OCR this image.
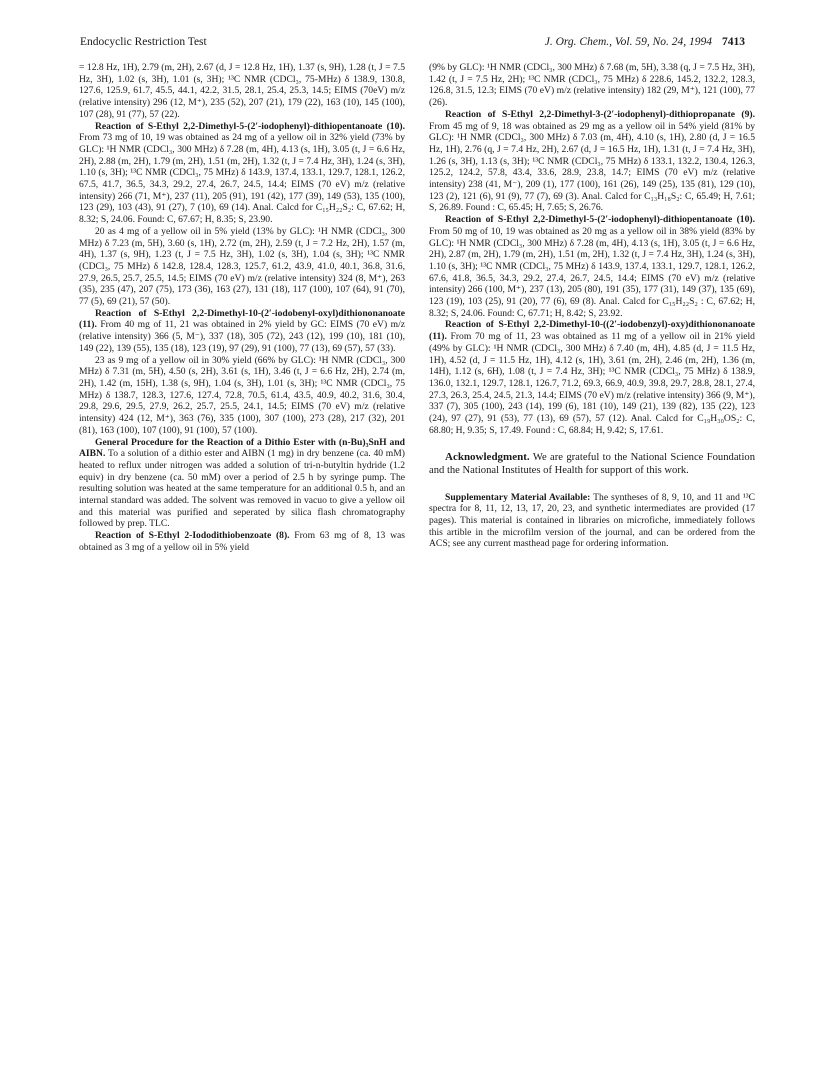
Endocyclic Restriction Test	J. Org. Chem., Vol. 59, No. 24, 1994 7413

= 12.8 Hz, 1H), 2.79 (m, 2H), 2.67 (d, J = 12.8 Hz, 1H), 1.37 (s, 9H), 1.28 (t, J = 7.5 Hz, 3H), 1.02 (s, 3H), 1.01 (s, 3H); ¹³C NMR (CDCl₃, 75-MHz) δ 138.9, 130.8, 127.6, 125.9, 61.7, 45.5, 44.1, 42.2, 31.5, 28.1, 25.4, 25.3, 14.5; EIMS (70eV) m/z (relative intensity) 296 (12, M⁺), 235 (52), 207 (21), 179 (22), 163 (10), 145 (100), 107 (28), 91 (77), 57 (22).

Reaction of S-Ethyl 2,2-Dimethyl-5-(2′-iodophenyl)-dithiopentanoate (10). From 73 mg of 10, 19 was obtained as 24 mg of a yellow oil in 32% yield (73% by GLC): ¹H NMR (CDCl₃, 300 MHz) δ 7.28 (m, 4H), 4.13 (s, 1H), 3.05 (t, J = 6.6 Hz, 2H), 2.88 (m, 2H), 1.79 (m, 2H), 1.51 (m, 2H), 1.32 (t, J = 7.4 Hz, 3H), 1.24 (s, 3H), 1.10 (s, 3H); ¹³C NMR (CDCl₃, 75 MHz) δ 143.9, 137.4, 133.1, 129.7, 128.1, 126.2, 67.5, 41.7, 36.5, 34.3, 29.2, 27.4, 26.7, 24.5, 14.4; EIMS (70 eV) m/z (relative intensity) 266 (71, M⁺), 237 (11), 205 (91), 191 (42), 177 (39), 149 (53), 135 (100), 123 (29), 103 (43), 91 (27), 7 (10), 69 (14). Anal. Calcd for C₁₅H₂₂S₂: C, 67.62; H, 8.32; S, 24.06. Found: C, 67.67; H, 8.35; S, 23.90.

20 as 4 mg of a yellow oil in 5% yield (13% by GLC): ¹H NMR (CDCl₃, 300 MHz) δ 7.23 (m, 5H), 3.60 (s, 1H), 2.72 (m, 2H), 2.59 (t, J = 7.2 Hz, 2H), 1.57 (m, 4H), 1.37 (s, 9H), 1.23 (t, J = 7.5 Hz, 3H), 1.02 (s, 3H), 1.04 (s, 3H); ¹³C NMR (CDCl₃, 75 MHz) δ 142.8, 128.4, 128.3, 125.7, 61.2, 43.9, 41.0, 40.1, 36.8, 31.6, 27.9, 26.5, 25.7, 25.5, 14.5; EIMS (70 eV) m/z (relative intensity) 324 (8, M⁺), 263 (35), 235 (47), 207 (75), 173 (36), 163 (27), 131 (18), 117 (100), 107 (64), 91 (70), 77 (5), 69 (21), 57 (50).

Reaction of S-Ethyl 2,2-Dimethyl-10-(2′-iodobenyl-oxyl)dithiononanoate (11). From 40 mg of 11, 21 was obtained in 2% yield by GC: EIMS (70 eV) m/z (relative intensity) 366 (5, M⁻), 337 (18), 305 (72), 243 (12), 199 (10), 181 (10), 149 (22), 139 (55), 135 (18), 123 (19), 97 (29), 91 (100), 77 (13), 69 (57), 57 (33).

23 as 9 mg of a yellow oil in 30% yield (66% by GLC): ¹H NMR (CDCl₃, 300 MHz) δ 7.31 (m, 5H), 4.50 (s, 2H), 3.61 (s, 1H), 3.46 (t, J = 6.6 Hz, 2H), 2.74 (m, 2H), 1.42 (m, 15H), 1.38 (s, 9H), 1.04 (s, 3H), 1.01 (s, 3H); ¹³C NMR (CDCl₃, 75 MHz) δ 138.7, 128.3, 127.6, 127.4, 72.8, 70.5, 61.4, 43.5, 40.9, 40.2, 31.6, 30.4, 29.8, 29.6, 29.5, 27.9, 26.2, 25.7, 25.5, 24.1, 14.5; EIMS (70 eV) m/z (relative intensity) 424 (12, M⁺), 363 (76), 335 (100), 307 (100), 273 (28), 217 (32), 201 (81), 163 (100), 107 (100), 91 (100), 57 (100).

General Procedure for the Reaction of a Dithio Ester with (n-Bu)₃SnH and AIBN. To a solution of a dithio ester and AIBN (1 mg) in dry benzene (ca. 40 mM) heated to reflux under nitrogen was added a solution of tri-n-butyltin hydride (1.2 equiv) in dry benzene (ca. 50 mM) over a period of 2.5 h by syringe pump. The resulting solution was heated at the same temperature for an additional 0.5 h, and an internal standard was added. The solvent was removed in vacuo to give a yellow oil and this material was purified and seperated by silica flash chromatography followed by prep. TLC.

Reaction of S-Ethyl 2-Iododithiobenzoate (8). From 63 mg of 8, 13 was obtained as 3 mg of a yellow oil in 5% yield

(9% by GLC): ¹H NMR (CDCl₃, 300 MHz) δ 7.68 (m, 5H), 3.38 (q, J = 7.5 Hz, 3H), 1.42 (t, J = 7.5 Hz, 2H); ¹³C NMR (CDCl₃, 75 MHz) δ 228.6, 145.2, 132.2, 128.3, 126.8, 31.5, 12.3; EIMS (70 eV) m/z (relative intensity) 182 (29, M⁺), 121 (100), 77 (26).

Reaction of S-Ethyl 2,2-Dimethyl-3-(2′-iodophenyl)-dithiopropanate (9). From 45 mg of 9, 18 was obtained as 29 mg as a yellow oil in 54% yield (81% by GLC): ¹H NMR (CDCl₃, 300 MHz) δ 7.03 (m, 4H), 4.10 (s, 1H), 2.80 (d, J = 16.5 Hz, 1H), 2.76 (q, J = 7.4 Hz, 2H), 2.67 (d, J = 16.5 Hz, 1H), 1.31 (t, J = 7.4 Hz, 3H), 1.26 (s, 3H), 1.13 (s, 3H); ¹³C NMR (CDCl₃, 75 MHz) δ 133.1, 132.2, 130.4, 126.3, 125.2, 124.2, 57.8, 43.4, 33.6, 28.9, 23.8, 14.7; EIMS (70 eV) m/z (relative intensity) 238 (41, M⁻), 209 (1), 177 (100), 161 (26), 149 (25), 135 (81), 129 (10), 123 (2), 121 (6), 91 (9), 77 (7), 69 (3). Anal. Calcd for C₁₃H₁₈S₂: C, 65.49; H, 7.61; S, 26.89. Found : C, 65.45; H, 7.65; S, 26.76.

Reaction of S-Ethyl 2,2-Dimethyl-5-(2′-iodophenyl)-dithiopentanoate (10). From 50 mg of 10, 19 was obtained as 20 mg as a yellow oil in 38% yield (83% by GLC): ¹H NMR (CDCl₃, 300 MHz) δ 7.28 (m, 4H), 4.13 (s, 1H), 3.05 (t, J = 6.6 Hz, 2H), 2.87 (m, 2H), 1.79 (m, 2H), 1.51 (m, 2H), 1.32 (t, J = 7.4 Hz, 3H), 1.24 (s, 3H), 1.10 (s, 3H); ¹³C NMR (CDCl₃, 75 MHz) δ 143.9, 137.4, 133.1, 129.7, 128.1, 126.2, 67.6, 41.8, 36.5, 34.3, 29.2, 27.4, 26.7, 24.5, 14.4; EIMS (70 eV) m/z (relative intensity) 266 (100, M⁺), 237 (13), 205 (80), 191 (35), 177 (31), 149 (37), 135 (69), 123 (19), 103 (25), 91 (20), 77 (6), 69 (8). Anal. Calcd for C₁₅H₂₂S₂ : C, 67.62; H, 8.32; S, 24.06. Found: C, 67.71; H, 8.42; S, 23.92.

Reaction of S-Ethyl 2,2-Dimethyl-10-((2′-iodobenzyl)-oxy)dithiononanoate (11). From 70 mg of 11, 23 was obtained as 11 mg of a yellow oil in 21% yield (49% by GLC): ¹H NMR (CDCl₃, 300 MHz) δ 7.40 (m, 4H), 4.85 (d, J = 11.5 Hz, 1H), 4.52 (d, J = 11.5 Hz, 1H), 4.12 (s, 1H), 3.61 (m, 2H), 2.46 (m, 2H), 1.36 (m, 14H), 1.12 (s, 6H), 1.08 (t, J = 7.4 Hz, 3H); ¹³C NMR (CDCl₃, 75 MHz) δ 138.9, 136.0, 132.1, 129.7, 128.1, 126.7, 71.2, 69.3, 66.9, 40.9, 39.8, 29.7, 28.8, 28.1, 27.4, 27.3, 26.3, 25.4, 24.5, 21.3, 14.4; EIMS (70 eV) m/z (relative intensity) 366 (9, M⁺), 337 (7), 305 (100), 243 (14), 199 (6), 181 (10), 149 (21), 139 (82), 135 (22), 123 (24), 97 (27), 91 (53), 77 (13), 69 (57), 57 (12). Anal. Calcd for C₁₉H₃₀OS₂: C, 68.80; H, 9.35; S, 17.49. Found : C, 68.84; H, 9.42; S, 17.61.

Acknowledgment. We are grateful to the National Science Foundation and the National Institutes of Health for support of this work.

Supplementary Material Available: The syntheses of 8, 9, 10, and 11 and ¹³C spectra for 8, 11, 12, 13, 17, 20, 23, and synthetic intermediates are provided (17 pages). This material is contained in libraries on microfiche, immediately follows this artible in the microfilm version of the journal, and can be ordered from the ACS; see any current masthead page for ordering information.
